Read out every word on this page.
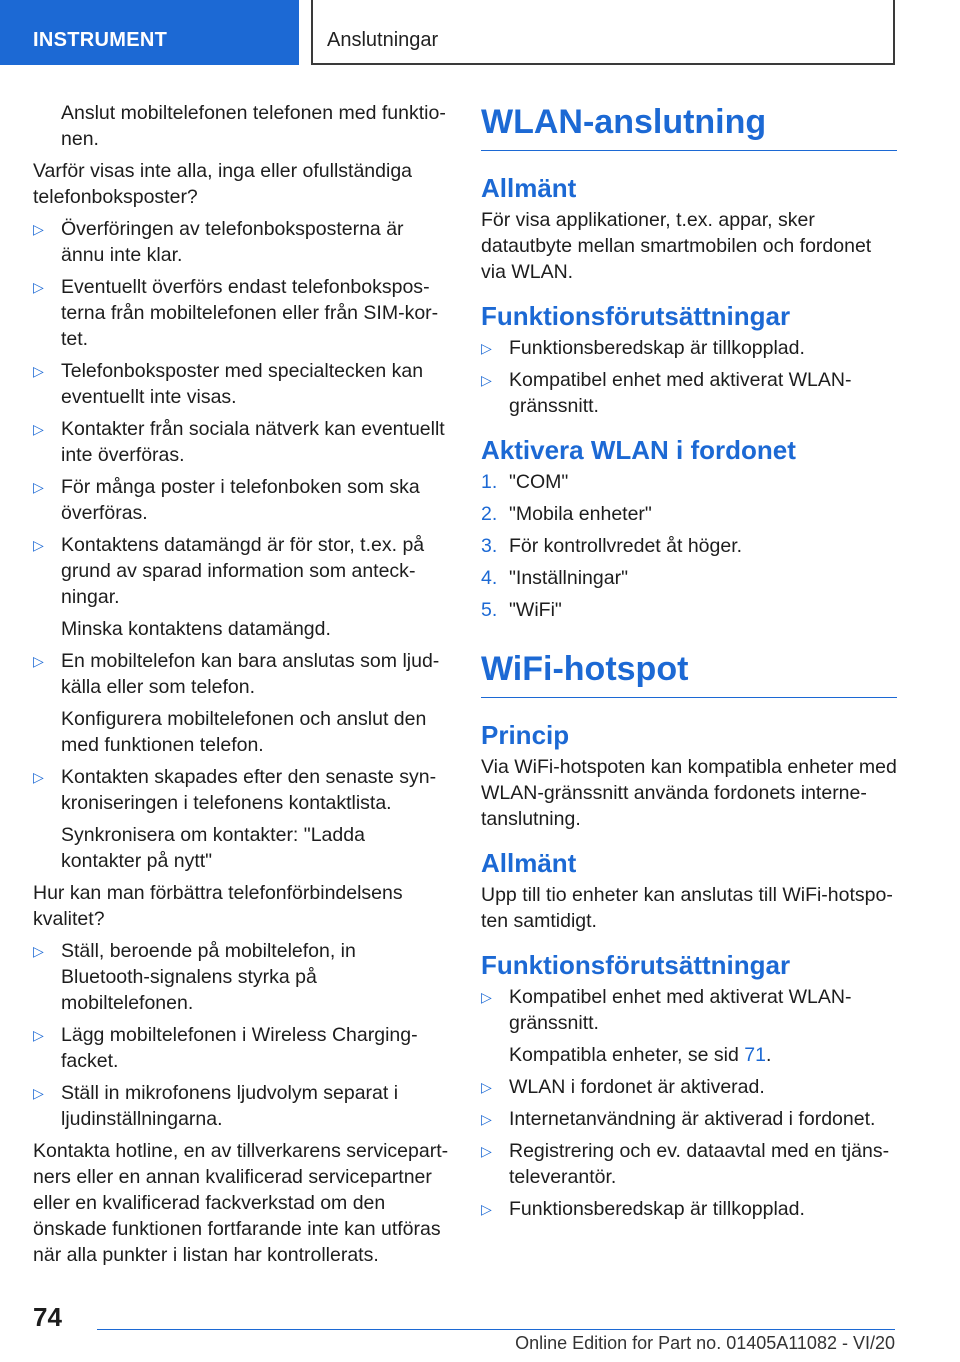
INSTRUMENT	Anslutningar
Anslut mobiltelefonen telefonen med funktionen.
Varför visas inte alla, inga eller ofullständiga telefonboksposter?
▷ Överföringen av telefonboksposterna är ännu inte klar.
▷ Eventuellt överförs endast telefonboksposterna från mobiltelefonen eller från SIM-kortet.
▷ Telefonboksposter med specialtecken kan eventuellt inte visas.
▷ Kontakter från sociala nätverk kan eventuellt inte överföras.
▷ För många poster i telefonboken som ska överföras.
▷ Kontaktens datamängd är för stor, t.ex. på grund av sparad information som anteckningar.
Minska kontaktens datamängd.
▷ En mobiltelefon kan bara anslutas som ljudkälla eller som telefon.
Konfigurera mobiltelefonen och anslut den med funktionen telefon.
▷ Kontakten skapades efter den senaste synkroniseringen i telefonens kontaktlista.
Synkronisera om kontakter: "Ladda kontakter på nytt"
Hur kan man förbättra telefonförbindelsens kvalitet?
▷ Ställ, beroende på mobiltelefon, in Bluetooth-signalens styrka på mobiltelefonen.
▷ Lägg mobiltelefonen i Wireless Charging-facket.
▷ Ställ in mikrofonens ljudvolym separat i ljudinställningarna.
Kontakta hotline, en av tillverkarens servicepartners eller en annan kvalificerad servicepartner eller en kvalificerad fackverkstad om den önskade funktionen fortfarande inte kan utföras när alla punkter i listan har kontrollerats.
WLAN-anslutning
Allmänt
För visa applikationer, t.ex. appar, sker datautbyte mellan smartmobilen och fordonet via WLAN.
Funktionsförutsättningar
▷ Funktionsberedskap är tillkopplad.
▷ Kompatibel enhet med aktiverat WLAN-gränssnitt.
Aktivera WLAN i fordonet
1. "COM"
2. "Mobila enheter"
3. För kontrollvredet åt höger.
4. "Inställningar"
5. "WiFi"
WiFi-hotspot
Princip
Via WiFi-hotspoten kan kompatibla enheter med WLAN-gränssnitt använda fordonets internetanslutning.
Allmänt
Upp till tio enheter kan anslutas till WiFi-hotspoten samtidigt.
Funktionsförutsättningar
▷ Kompatibel enhet med aktiverat WLAN-gränssnitt.
Kompatibla enheter, se sid 71.
▷ WLAN i fordonet är aktiverad.
▷ Internetanvändning är aktiverad i fordonet.
▷ Registrering och ev. dataavtal med en tjänsteleverantör.
▷ Funktionsberedskap är tillkopplad.
74
Online Edition for Part no. 01405A11082 - VI/20
